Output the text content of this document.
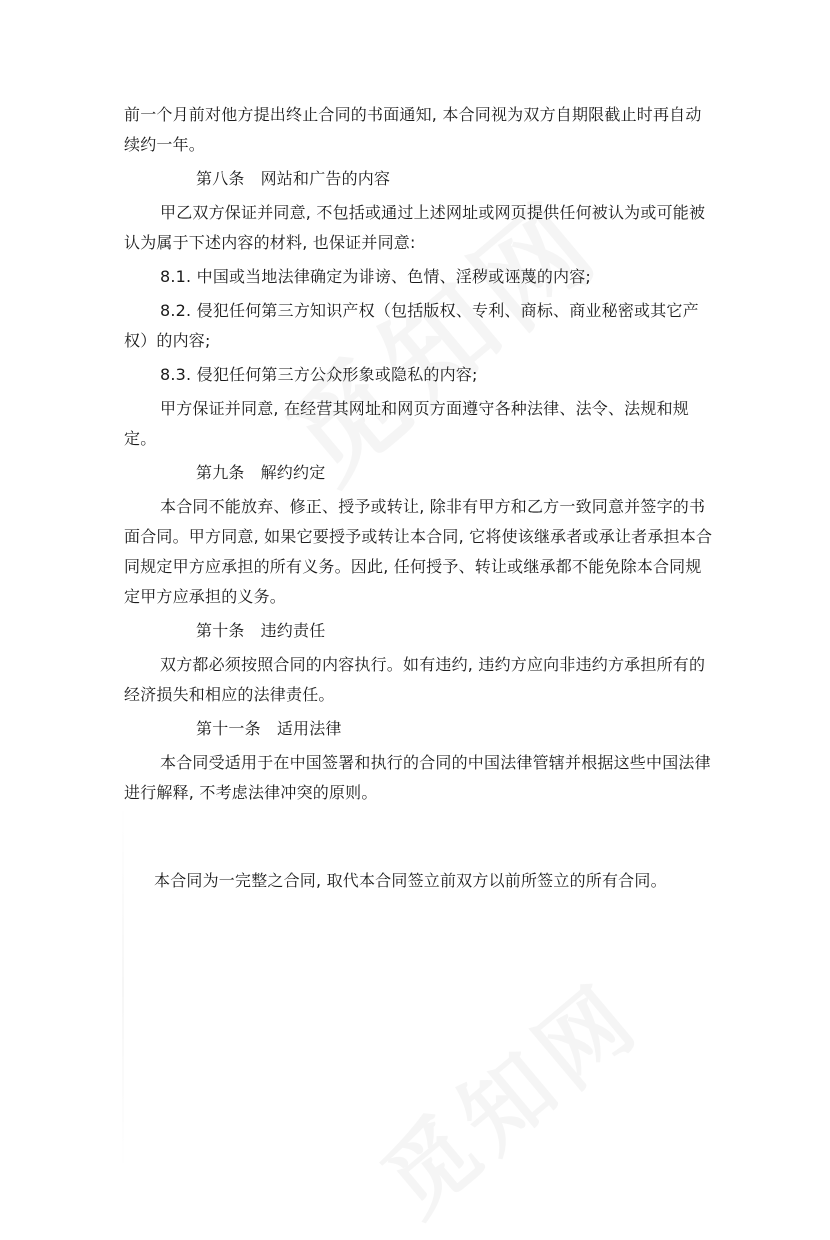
前一个月前对他方提出终止合同的书面通知, 本合同视为双方自期限截止时再自动续约一年。

第八条 网站和广告的内容

甲乙双方保证并同意, 不包括或通过上述网址或网页提供任何被认为或可能被认为属于下述内容的材料, 也保证并同意:

8.1. 中国或当地法律确定为诽谤、色情、淫秽或诬蔑的内容;

8.2. 侵犯任何第三方知识产权（包括版权、专利、商标、商业秘密或其它产权）的内容;

8.3. 侵犯任何第三方公众形象或隐私的内容;

甲方保证并同意, 在经营其网址和网页方面遵守各种法律、法令、法规和规定。

第九条 解约约定

本合同不能放弃、修正、授予或转让, 除非有甲方和乙方一致同意并签字的书面合同。甲方同意, 如果它要授予或转让本合同, 它将使该继承者或承让者承担本合同规定甲方应承担的所有义务。因此, 任何授予、转让或继承都不能免除本合同规定甲方应承担的义务。

第十条 违约责任

双方都必须按照合同的内容执行。如有违约, 违约方应向非违约方承担所有的经济损失和相应的法律责任。

第十一条 适用法律

本合同受适用于在中国签署和执行的合同的中国法律管辖并根据这些中国法律进行解释, 不考虑法律冲突的原则。

本合同为一完整之合同, 取代本合同签立前双方以前所签立的所有合同。
